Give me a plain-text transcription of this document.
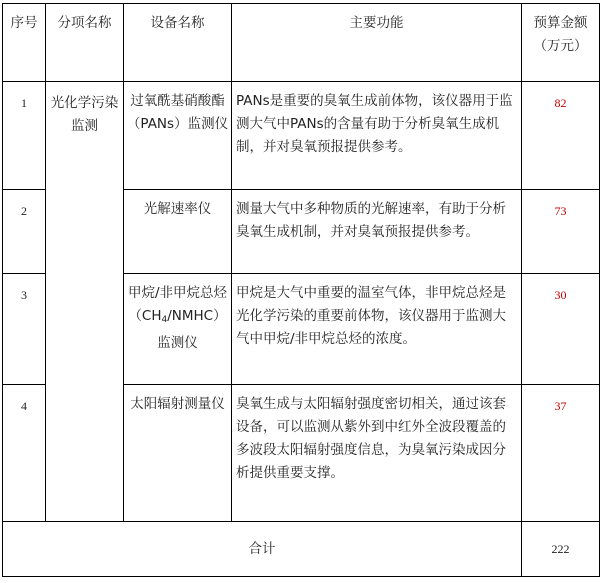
序号	分项名称	设备名称	主要功能	预算金额（万元）
1	光化学污染监测	过氧酰基硝酸酯（PANs）监测仪	PANs是重要的臭氧生成前体物，该仪器用于监测大气中PANs的含量有助于分析臭氧生成机制，并对臭氧预报提供参考。	82
2		光解速率仪	测量大气中多种物质的光解速率，有助于分析臭氧生成机制，并对臭氧预报提供参考。	73
3		甲烷/非甲烷总烃$(CH_4/NMHC)$监测仪	甲烷是大气中重要的温室气体，非甲烷总烃是光化学污染的重要前体物，该仪器用于监测大气中甲烷/非甲烷总烃的浓度。	30
4		太阳辐射测量仪	臭氧生成与太阳辐射强度密切相关，通过该套设备，可以监测从紫外到中红外全波段覆盖的多波段太阳辐射强度信息，为臭氧污染成因分析提供重要支撑。	37
合计				222
